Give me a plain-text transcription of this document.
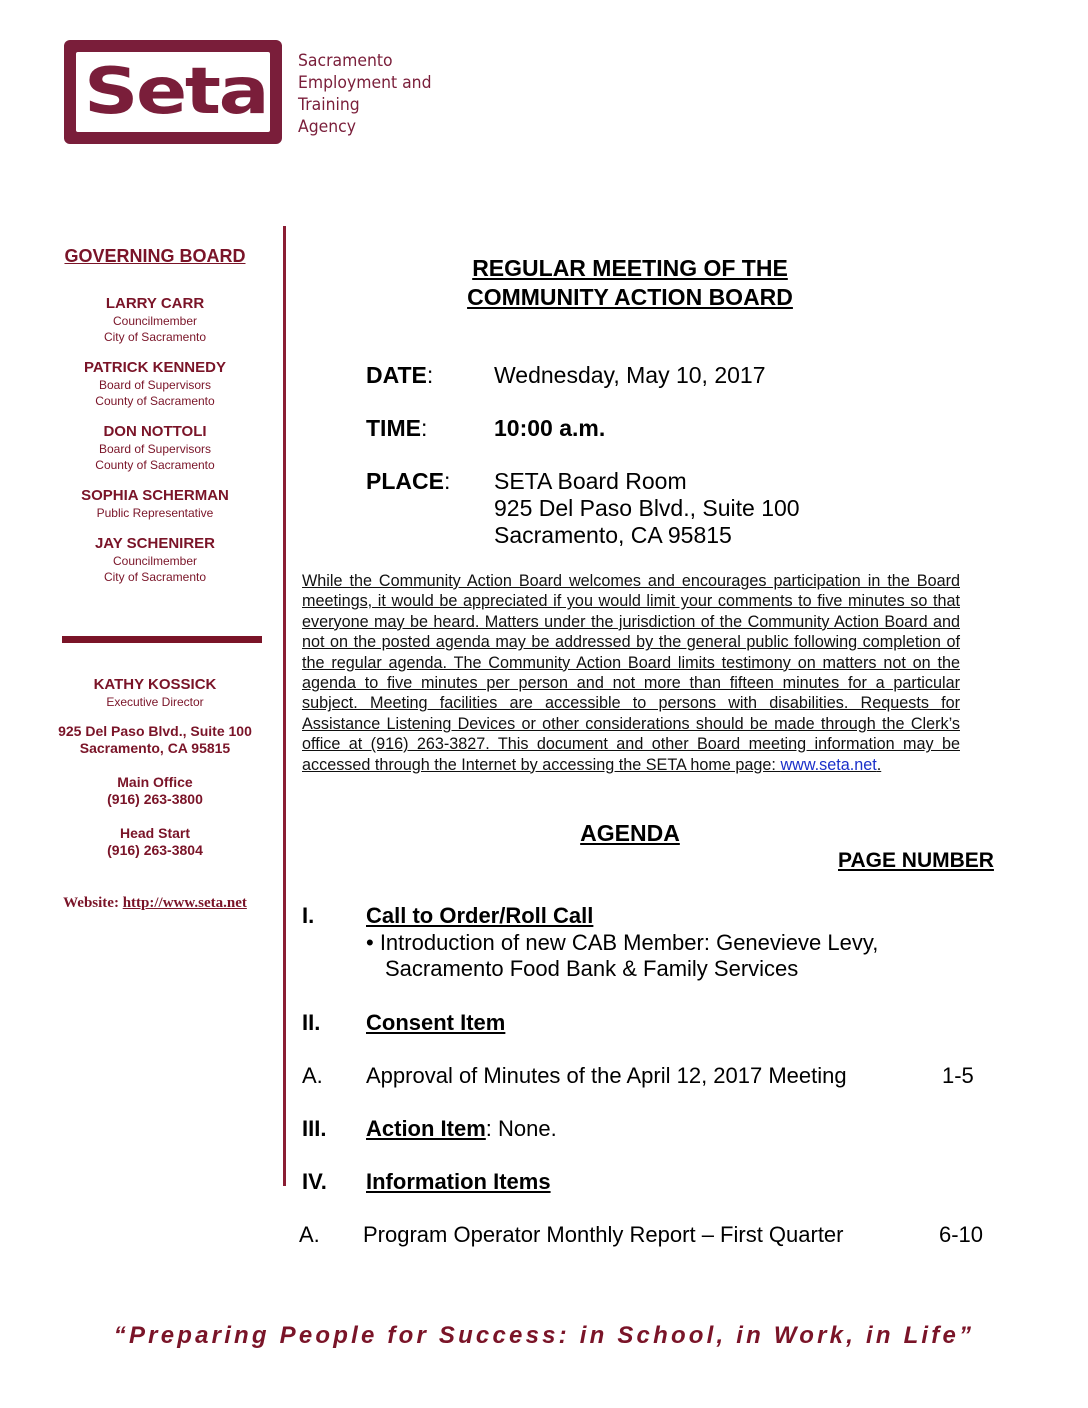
Seta Sacramento
Employment and
Training
Agency
GOVERNING BOARD
LARRY CARR
Councilmember
City of Sacramento
PATRICK KENNEDY
Board of Supervisors
County of Sacramento
DON NOTTOLI
Board of Supervisors
County of Sacramento
SOPHIA SCHERMAN
Public Representative
JAY SCHENIRER
Councilmember
City of Sacramento
KATHY KOSSICK
Executive Director
925 Del Paso Blvd., Suite 100
Sacramento, CA 95815
Main Office
(916) 263-3800
Head Start
(916) 263-3804
Website: http://www.seta.net
REGULAR MEETING OF THE
COMMUNITY ACTION BOARD
DATE:	Wednesday, May 10, 2017
TIME:	10:00 a.m.
PLACE: SETA Board Room
925 Del Paso Blvd., Suite 100
Sacramento, CA 95815
While the Community Action Board welcomes and encourages participation in the Board meetings, it would be appreciated if you would limit your comments to five minutes so that everyone may be heard. Matters under the jurisdiction of the Community Action Board and not on the posted agenda may be addressed by the general public following completion of the regular agenda. The Community Action Board limits testimony on matters not on the agenda to five minutes per person and not more than fifteen minutes for a particular subject. Meeting facilities are accessible to persons with disabilities. Requests for Assistance Listening Devices or other considerations should be made through the Clerk’s office at (916) 263-3827. This document and other Board meeting information may be accessed through the Internet by accessing the SETA home page: www.seta.net.
AGENDA
PAGE NUMBER
I. Call to Order/Roll Call
• Introduction of new CAB Member: Genevieve Levy,
Sacramento Food Bank & Family Services
II. Consent Item
A. Approval of Minutes of the April 12, 2017 Meeting	1-5
III. Action Item: None.
IV. Information Items
A. Program Operator Monthly Report – First Quarter	6-10
“Preparing People for Success: in School, in Work, in Life”
